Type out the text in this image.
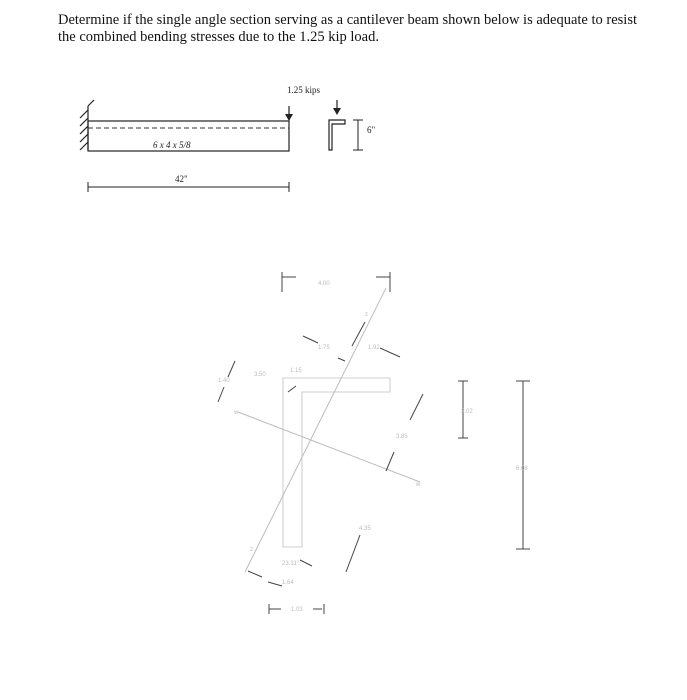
Determine if the single angle section serving as a cantilever beam shown below is adequate to resist
the combined bending stresses due to the 1.25 kip load.
6 x 4 x 5/8
42"
1.25 kips
6"
4.00
1.75	1.92
1.15
3.50
1.40
2.02
3.85
6.08
4.35
23.31°
1.64
1.03
z
z
w
w
